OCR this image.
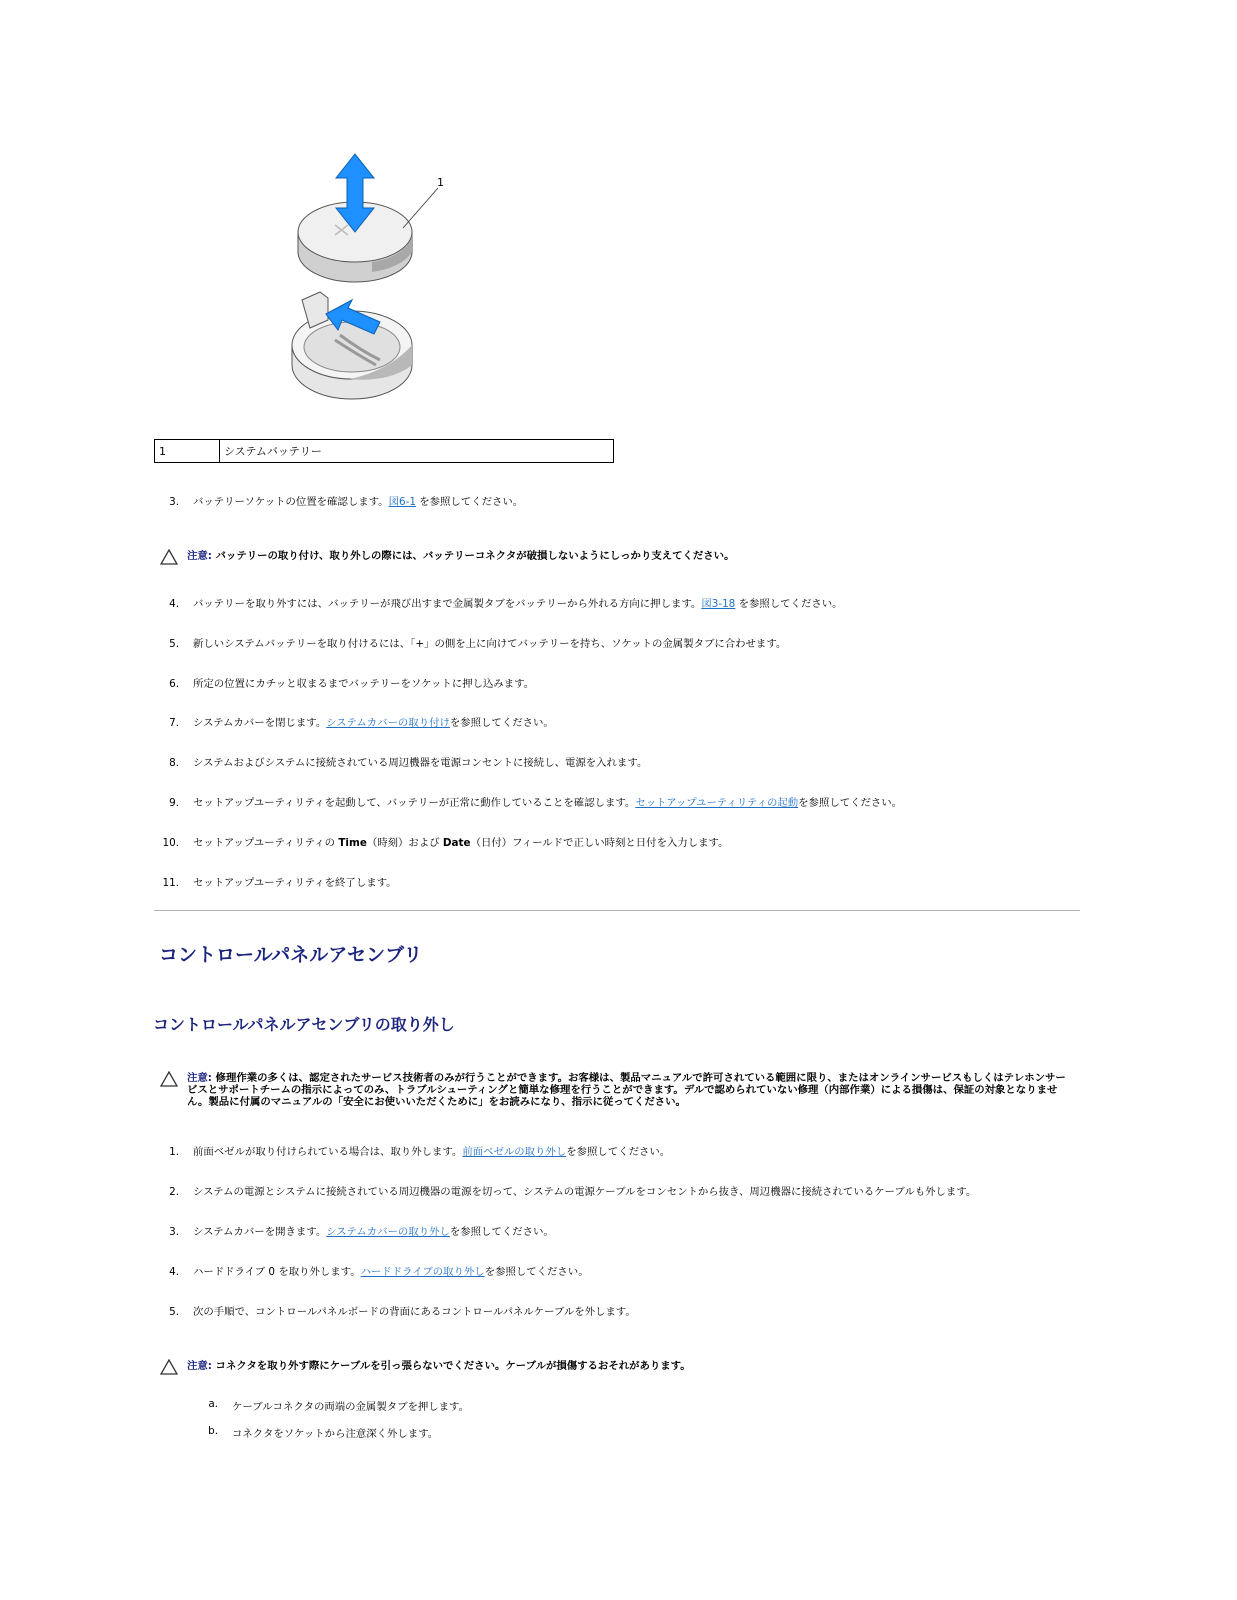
1
1	システムバッテリー
3. バッテリーソケットの位置を確認します。図6-1 を参照してください。
注意: バッテリーの取り付け、取り外しの際には、バッテリーコネクタが破損しないようにしっかり支えてください。
4. バッテリーを取り外すには、バッテリーが飛び出すまで金属製タブをバッテリーから外れる方向に押します。図3-18 を参照してください。
5. 新しいシステムバッテリーを取り付けるには、「+」の側を上に向けてバッテリーを持ち、ソケットの金属製タブに合わせます。
6. 所定の位置にカチッと収まるまでバッテリーをソケットに押し込みます。
7. システムカバーを閉じます。システムカバーの取り付けを参照してください。
8. システムおよびシステムに接続されている周辺機器を電源コンセントに接続し、電源を入れます。
9. セットアップユーティリティを起動して、バッテリーが正常に動作していることを確認します。セットアップユーティリティの起動を参照してください。
10. セットアップユーティリティの Time（時刻）および Date（日付）フィールドで正しい時刻と日付を入力します。
11. セットアップユーティリティを終了します。
コントロールパネルアセンブリ
コントロールパネルアセンブリの取り外し
注意: 修理作業の多くは、認定されたサービス技術者のみが行うことができます。お客様は、製品マニュアルで許可されている範囲に限り、またはオンラインサービスもしくはテレホンサービスとサポートチームの指示によってのみ、トラブルシューティングと簡単な修理を行うことができます。デルで認められていない修理（内部作業）による損傷は、保証の対象となりません。製品に付属のマニュアルの「安全にお使いいただくために」をお読みになり、指示に従ってください。
1. 前面ベゼルが取り付けられている場合は、取り外します。前面ベゼルの取り外しを参照してください。
2. システムの電源とシステムに接続されている周辺機器の電源を切って、システムの電源ケーブルをコンセントから抜き、周辺機器に接続されているケーブルも外します。
3. システムカバーを開きます。システムカバーの取り外しを参照してください。
4. ハードドライブ 0 を取り外します。ハードドライブの取り外しを参照してください。
5. 次の手順で、コントロールパネルボードの背面にあるコントロールパネルケーブルを外します。
注意: コネクタを取り外す際にケーブルを引っ張らないでください。ケーブルが損傷するおそれがあります。
a. ケーブルコネクタの両端の金属製タブを押します。
b. コネクタをソケットから注意深く外します。
